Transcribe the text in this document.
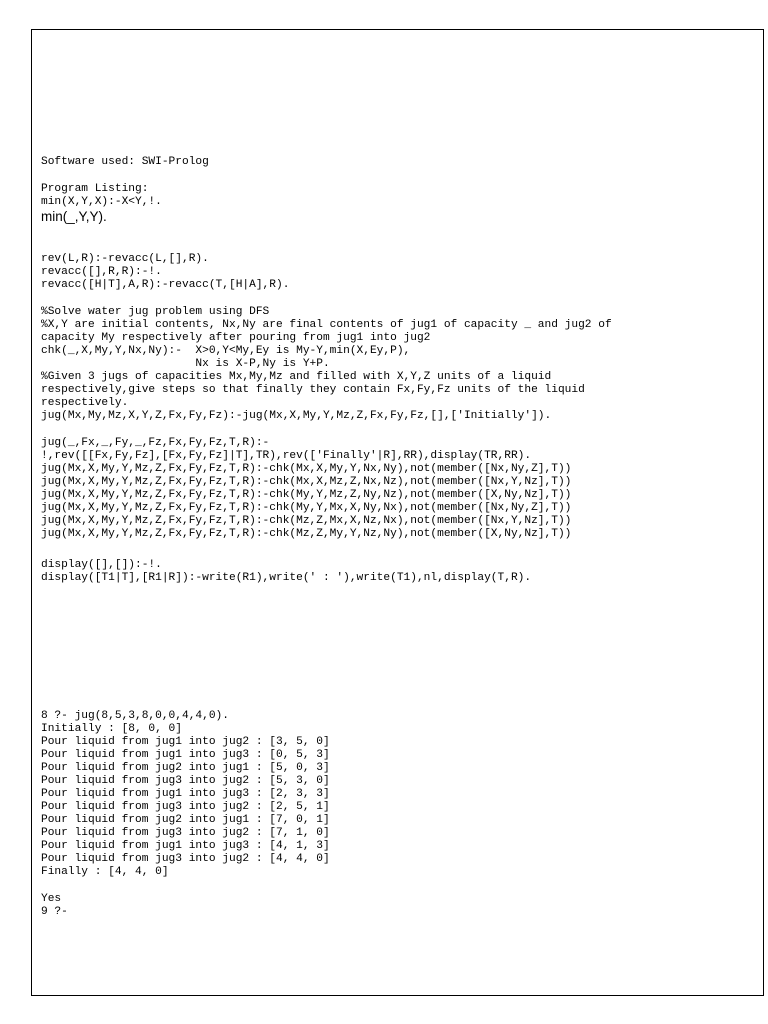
Software used: SWI-Prolog

Program Listing:

min(X,Y,X):-X<Y,!.

min(_,Y,Y).

rev(L,R):-revacc(L,[],R).

revacc([],R,R):-!.

revacc([H|T],A,R):-revacc(T,[H|A],R).

%Solve water jug problem using DFS

%X,Y are initial contents, Nx,Ny are final contents of jug1 of capacity _ and jug2 of

capacity My respectively after pouring from jug1 into jug2

chk(_,X,My,Y,Nx,Ny):-  X>0,Y<My,Ey is My-Y,min(X,Ey,P),

Nx is X-P,Ny is Y+P.

%Given 3 jugs of capacities Mx,My,Mz and filled with X,Y,Z units of a liquid

respectively,give steps so that finally they contain Fx,Fy,Fz units of the liquid

respectively.

jug(Mx,My,Mz,X,Y,Z,Fx,Fy,Fz):-jug(Mx,X,My,Y,Mz,Z,Fx,Fy,Fz,[],['Initially']).

jug(_,Fx,_,Fy,_,Fz,Fx,Fy,Fz,T,R):-

!,rev([[Fx,Fy,Fz],[Fx,Fy,Fz]|T],TR),rev(['Finally'|R],RR),display(TR,RR).

jug(Mx,X,My,Y,Mz,Z,Fx,Fy,Fz,T,R):-chk(Mx,X,My,Y,Nx,Ny),not(member([Nx,Ny,Z],T))

jug(Mx,X,My,Y,Mz,Z,Fx,Fy,Fz,T,R):-chk(Mx,X,Mz,Z,Nx,Nz),not(member([Nx,Y,Nz],T))

jug(Mx,X,My,Y,Mz,Z,Fx,Fy,Fz,T,R):-chk(My,Y,Mz,Z,Ny,Nz),not(member([X,Ny,Nz],T))

jug(Mx,X,My,Y,Mz,Z,Fx,Fy,Fz,T,R):-chk(My,Y,Mx,X,Ny,Nx),not(member([Nx,Ny,Z],T))

jug(Mx,X,My,Y,Mz,Z,Fx,Fy,Fz,T,R):-chk(Mz,Z,Mx,X,Nz,Nx),not(member([Nx,Y,Nz],T))

jug(Mx,X,My,Y,Mz,Z,Fx,Fy,Fz,T,R):-chk(Mz,Z,My,Y,Nz,Ny),not(member([X,Ny,Nz],T))

display([],[]):-!.

display([T1|T],[R1|R]):-write(R1),write(' : '),write(T1),nl,display(T,R).

8 ?- jug(8,5,3,8,0,0,4,4,0).

Initially : [8, 0, 0]

Pour liquid from jug1 into jug2 : [3, 5, 0]

Pour liquid from jug1 into jug3 : [0, 5, 3]

Pour liquid from jug2 into jug1 : [5, 0, 3]

Pour liquid from jug3 into jug2 : [5, 3, 0]

Pour liquid from jug1 into jug3 : [2, 3, 3]

Pour liquid from jug3 into jug2 : [2, 5, 1]

Pour liquid from jug2 into jug1 : [7, 0, 1]

Pour liquid from jug3 into jug2 : [7, 1, 0]

Pour liquid from jug1 into jug3 : [4, 1, 3]

Pour liquid from jug3 into jug2 : [4, 4, 0]

Finally : [4, 4, 0]

Yes

9 ?-
